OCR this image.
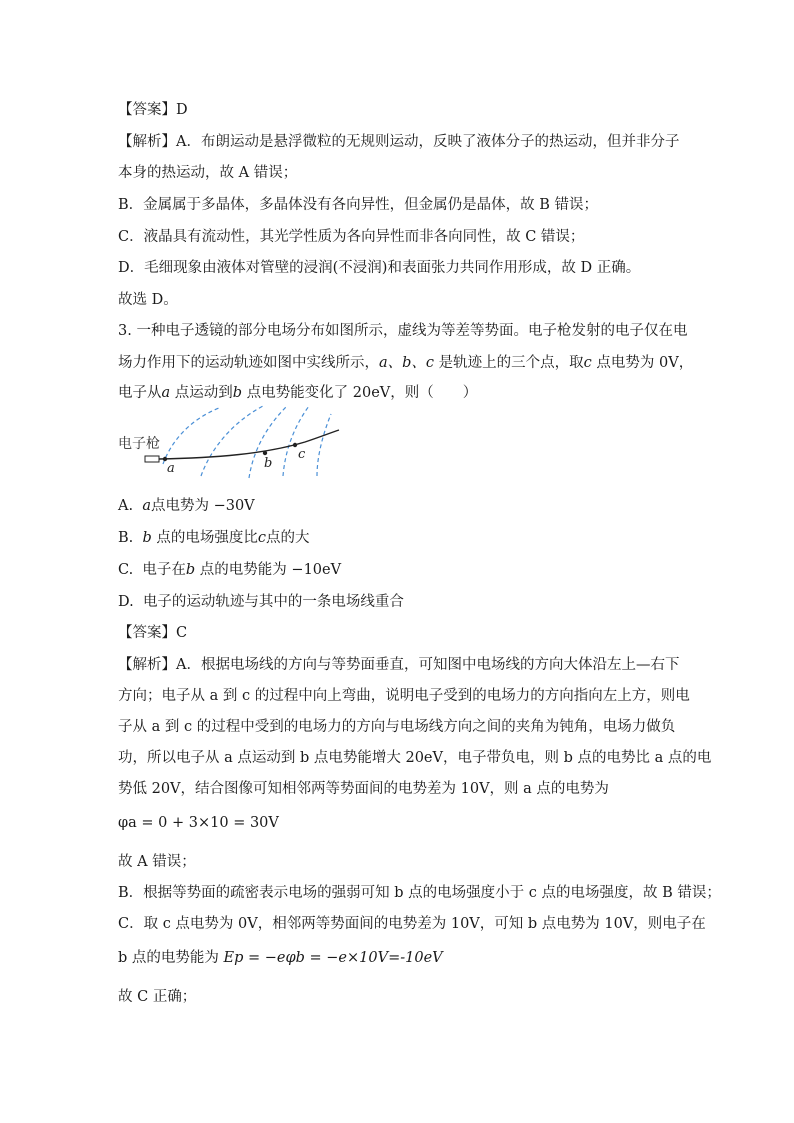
【答案】D
【解析】A．布朗运动是悬浮微粒的无规则运动，反映了液体分子的热运动，但并非分子
本身的热运动，故 A 错误；
B．金属属于多晶体，多晶体没有各向异性，但金属仍是晶体，故 B 错误；
C．液晶具有流动性，其光学性质为各向异性而非各向同性，故 C 错误；
D．毛细现象由液体对管壁的浸润(不浸润)和表面张力共同作用形成，故 D 正确。
故选 D。
3. 一种电子透镜的部分电场分布如图所示，虚线为等差等势面。电子枪发射的电子仅在电
场力作用下的运动轨迹如图中实线所示，a、b、c 是轨迹上的三个点，取c 点电势为 0V，
电子从a 点运动到b 点电势能变化了 20eV，则（　　）
电子枪
a	b
c
A. a点电势为 −30V
B. b 点的电场强度比c点的大
C. 电子在b 点的电势能为 −10eV
D. 电子的运动轨迹与其中的一条电场线重合
【答案】C
【解析】A．根据电场线的方向与等势面垂直，可知图中电场线的方向大体沿左上—右下
方向；电子从 a 到 c 的过程中向上弯曲，说明电子受到的电场力的方向指向左上方，则电
子从 a 到 c 的过程中受到的电场力的方向与电场线方向之间的夹角为钝角，电场力做负
功，所以电子从 a 点运动到 b 点电势能增大 20eV，电子带负电，则 b 点的电势比 a 点的电
势低 20V，结合图像可知相邻两等势面间的电势差为 10V，则 a 点的电势为
φa = 0 + 3×10 = 30V
故 A 错误；
B．根据等势面的疏密表示电场的强弱可知 b 点的电场强度小于 c 点的电场强度，故 B 错误；
C．取 c 点电势为 0V，相邻两等势面间的电势差为 10V，可知 b 点电势为 10V，则电子在
b 点的电势能为 Ep = −eφb = −e×10V=-10eV
故 C 正确；
